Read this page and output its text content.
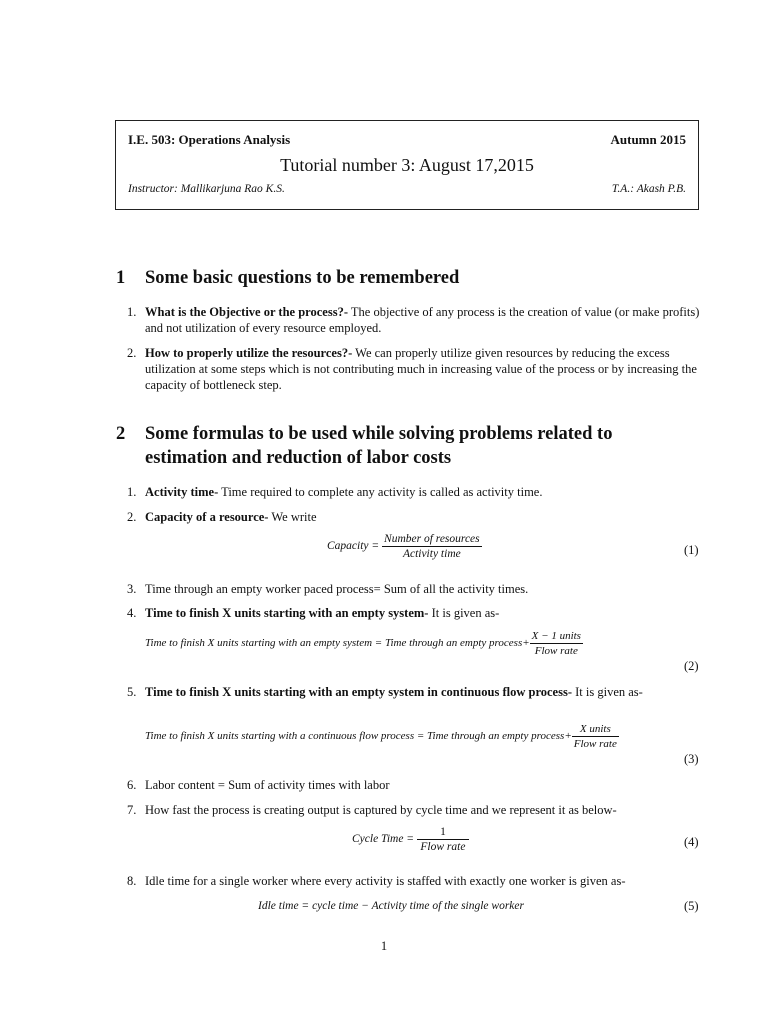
I.E. 503: Operations Analysis	Autumn 2015
Tutorial number 3: August 17,2015
Instructor: Mallikarjuna Rao K.S.	T.A.: Akash P.B.
1 Some basic questions to be remembered
1. What is the Objective or the process?- The objective of any process is the creation of value (or make profits) and not utilization of every resource employed.
2. How to properly utilize the resources?- We can properly utilize given resources by reducing the excess utilization at some steps which is not contributing much in increasing value of the process or by increasing the capacity of bottleneck step.
2 Some formulas to be used while solving problems related to
estimation and reduction of labor costs
1. Activity time- Time required to complete any activity is called as activity time.
2. Capacity of a resource- We write
Capacity = $\frac{\text{Number of resources}}{\text{Activity time}}$	(1)
3. Time through an empty worker paced process= Sum of all the activity times.
4. Time to finish X units starting with an empty system- It is given as-
Time to finish X units starting with an empty system = Time through an empty process+ $\frac{\text{X − 1 units}}{\text{Flow rate}}$
(2)
5. Time to finish X units starting with an empty system in continuous flow process- It is given as-
Time to finish X units starting with a continuous flow process = Time through an empty process+ $\frac{\text{X units}}{\text{Flow rate}}$
(3)
6. Labor content = Sum of activity times with labor
7. How fast the process is creating output is captured by cycle time and we represent it as below-
Cycle Time = $\frac{1}{\text{Flow rate}}$	(4)
8. Idle time for a single worker where every activity is staffed with exactly one worker is given as-
Idle time = cycle time − Activity time of the single worker	(5)
1
